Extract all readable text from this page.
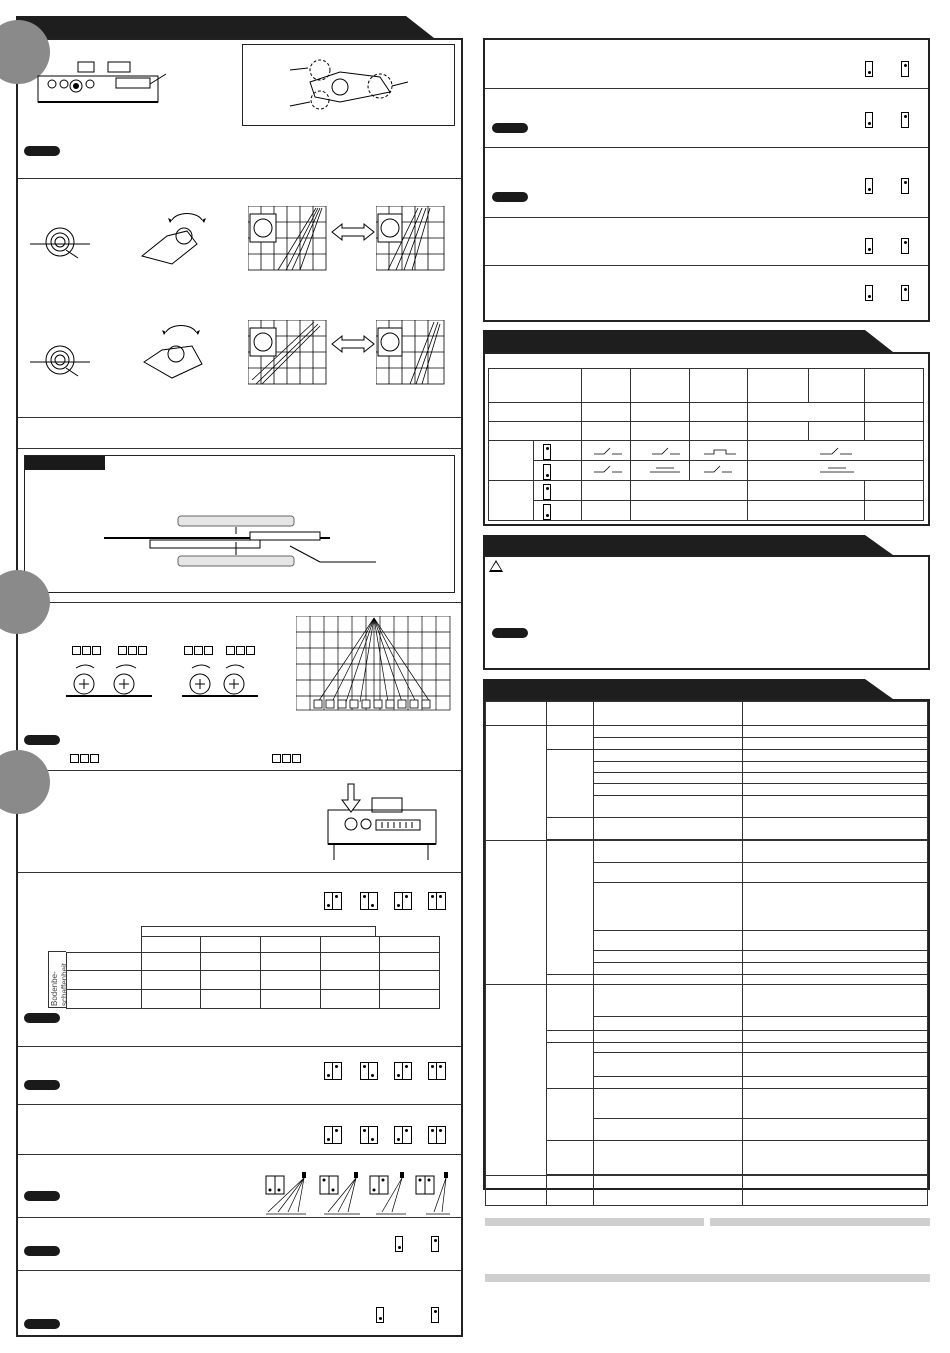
Bodenbe-
schaffenheit
